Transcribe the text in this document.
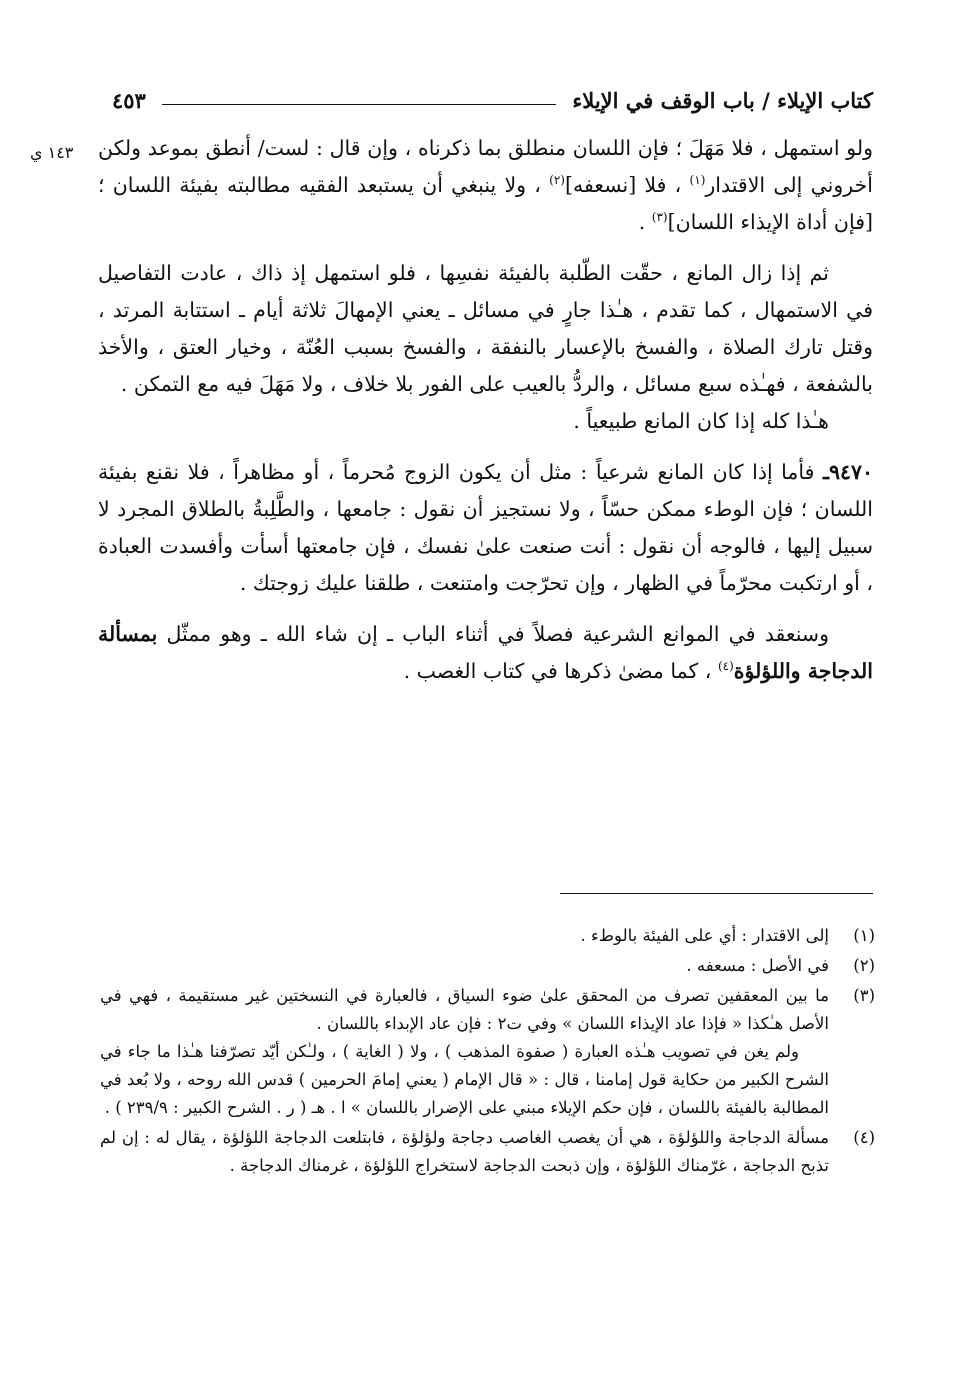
كتاب الإيلاء / باب الوقف في الإيلاء
٤٥٣
١٤٣ ي ولو استمهل ، فلا مَهَلَ ؛ فإن اللسان منطلق بما ذكرناه ، وإن قال : لست/ أنطق بموعد ولكن أخروني إلى الاقتدار$^{(١)}$ ، فلا [نسعفه]$^{(٢)}$ ، ولا ينبغي أن يستبعد الفقيه مطالبته بفيئة اللسان ؛ [فإن أداة الإيذاء اللسان]$^{(٣)}$ .

ثم إذا زال المانع ، حقّت الطّلبة بالفيئة نفسِها ، فلو استمهل إذ ذاك ، عادت التفاصيل في الاستمهال ، كما تقدم ، هـٰذا جارٍ في مسائل ـ يعني الإمهالَ ثلاثة أيام ـ استتابة المرتد ، وقتل تارك الصلاة ، والفسخ بالإعسار بالنفقة ، والفسخ بسبب العُنّة ، وخيار العتق ، والأخذ بالشفعة ، فهـٰذه سبع مسائل ، والردُّ بالعيب على الفور بلا خلاف ، ولا مَهَلَ فيه مع التمكن .

هـٰذا كله إذا كان المانع طبيعياً .

٩٤٧٠ـ فأما إذا كان المانع شرعياً : مثل أن يكون الزوج مُحرماً ، أو مظاهراً ، فلا نقنع بفيئة اللسان ؛ فإن الوطء ممكن حسّاً ، ولا نستجيز أن نقول : جامعها ، والطَّلِبةُ بالطلاق المجرد لا سبيل إليها ، فالوجه أن نقول : أنت صنعت علىٰ نفسك ، فإن جامعتها أسأت وأفسدت العبادة ، أو ارتكبت محرّماً في الظهار ، وإن تحرّجت وامتنعت ، طلقنا عليك زوجتك .

وسنعقد في الموانع الشرعية فصلاً في أثناء الباب ـ إن شاء الله ـ وهو ممثّل بمسألة الدجاجة واللؤلؤة$^{(٤)}$ ، كما مضىٰ ذكرها في كتاب الغصب .

(١)
إلى الاقتدار : أي على الفيئة بالوطء .
(٢)
في الأصل : مسعفه .
(٣)
ما بين المعقفين تصرف من المحقق علىٰ ضوء السياق ، فالعبارة في النسختين غير مستقيمة ، فهي في الأصل هـٰكذا « فإذا عاد الإيذاء اللسان » وفي ت٢ : فإن عاد الإبداء باللسان .
ولم يغن في تصويب هـٰذه العبارة ( صفوة المذهب ) ، ولا ( الغاية ) ، ولـٰكن أيّد تصرّفنا هـٰذا ما جاء في الشرح الكبير من حكاية قول إمامنا ، قال : « قال الإمام ( يعني إمامَ الحرمين ) قدس الله روحه ، ولا بُعد في المطالبة بالفيئة باللسان ، فإن حكم الإيلاء مبني على الإضرار باللسان » ا . هـ ( ر . الشرح الكبير : ٢٣٩/٩ ) .
(٤)
مسألة الدجاجة واللؤلؤة ، هي أن يغصب الغاصب دجاجة ولؤلؤة ، فابتلعت الدجاجة اللؤلؤة ، يقال له : إن لم تذبح الدجاجة ، غرّمناك اللؤلؤة ، وإن ذبحت الدجاجة لاستخراج اللؤلؤة ، غرمناك الدجاجة .
